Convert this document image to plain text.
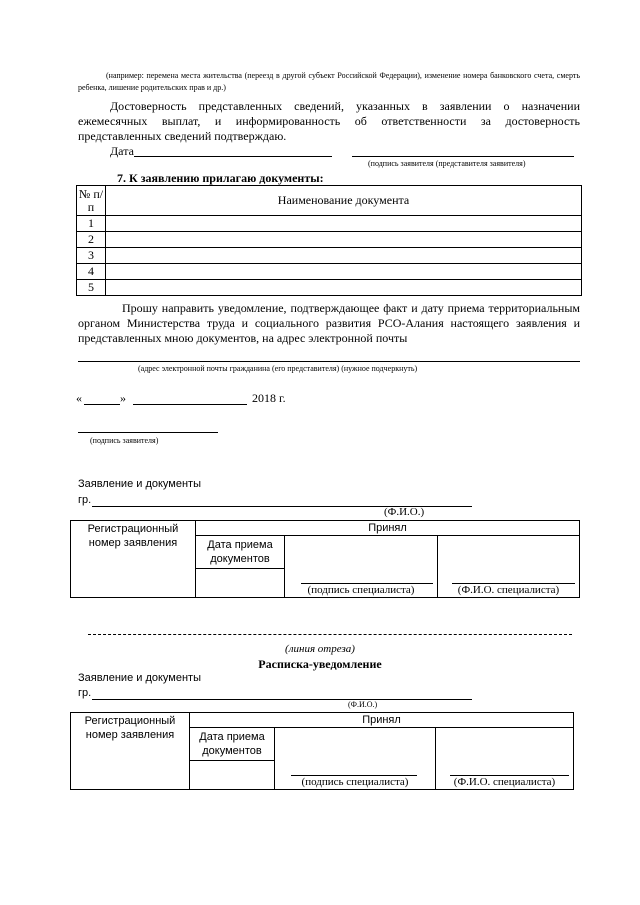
(например: перемена места жительства (переезд в другой субъект Российской Федерации), изменение номера банковского счета, смерть ребенка, лишение родительских прав и др.)
Достоверность представленных сведений, указанных в заявлении о назначении ежемесячных выплат, и информированность об ответственности за достоверность представленных сведений подтверждаю.
Дата
(подпись заявителя (представителя заявителя)
7. К заявлению прилагаю документы:
№ п/п	Наименование документа
1	
2	
3	
4	
5	
Прошу направить уведомление, подтверждающее факт и дату приема территориальным органом Министерства труда и социального развития РСО-Алания настоящего заявления и представленных мною документов, на адрес электронной почты
(адрес электронной почты гражданина (его представителя) (нужное подчеркнуть)
«	»	2018 г.
(подпись заявителя)
Заявление и документы
гр.
(Ф.И.О.)
Регистрационный номер заявления	Принял		

	Дата приема документов	(подпись специалиста)	(Ф.И.О. специалиста)
(линия отреза)
Расписка-уведомление
Заявление и документы
гр.
(Ф.И.О.)
Регистрационный номер заявления	Принял		

	Дата приема документов	(подпись специалиста)	(Ф.И.О. специалиста)
